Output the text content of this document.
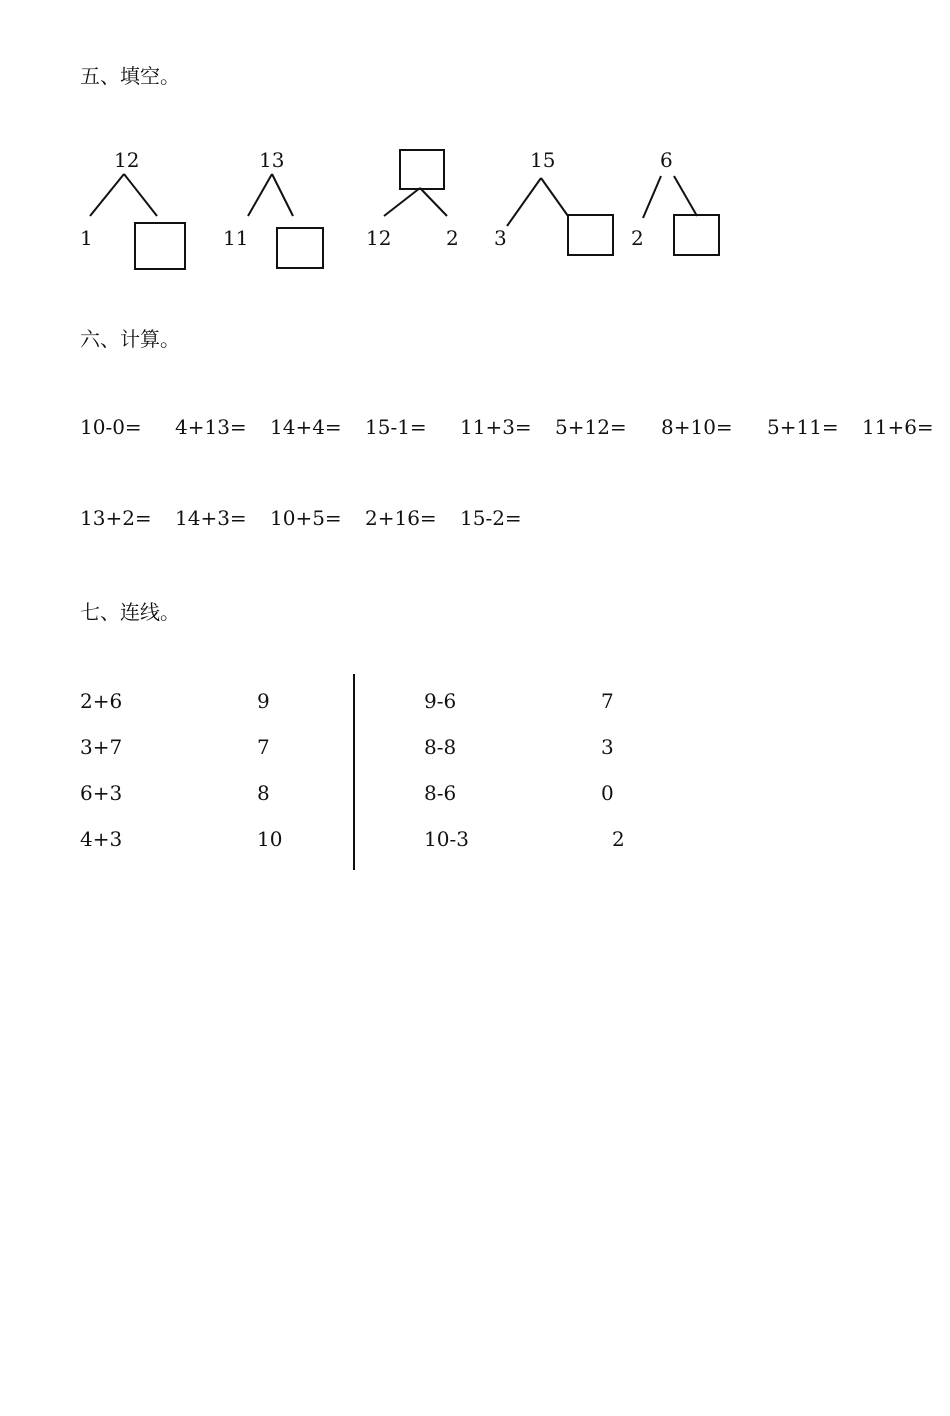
五、填空。
12
1
13
11	12	2
15
3
6
2
六、计算。
10-0= 4+13= 14+4= 15-1= 11+3= 5+12= 8+10= 5+11= 11+6=
13+2= 14+3= 10+5= 2+16= 15-2=
七、连线。
2+6
3+7
6+3
4+3
9
7
8
10
9-6
8-8
8-6
10-3
7
3
0
2
